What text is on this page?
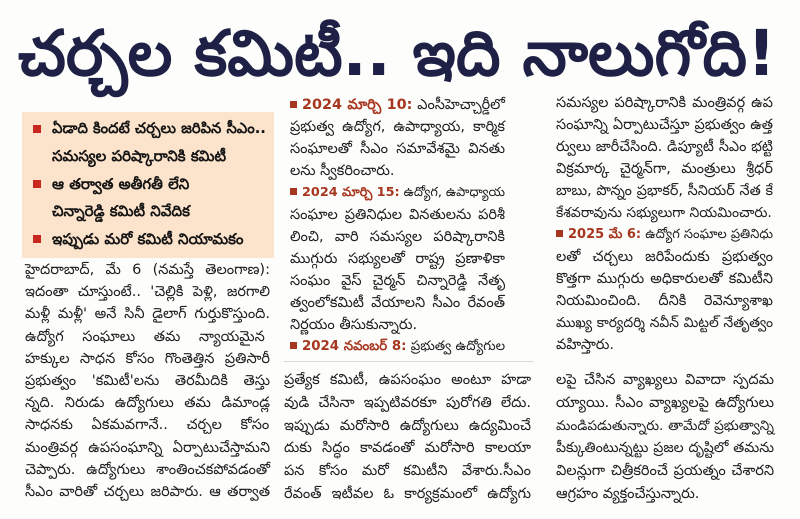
చర్చల కమిటీ.. ఇది నాలుగోది!
ఏడాది కిందటే చర్చలు జరిపిన సీఎం..
సమస్యల పరిష్కారానికి కమిటీ
ఆ తర్వాత అతీగతీ లేని
చిన్నారెడ్డి కమిటీ నివేదిక
ఇప్పుడు మరో కమిటీ నియామకం
హైదరాబాద్, మే 6 (నమస్తే తెలంగాణ):
ఇదంతా చూస్తుంటే.. 'చెల్లికి పెళ్లి, జరగాలి
మళ్లీ మళ్లీ' అనే సినీ డైలాగ్ గుర్తుకొస్తుంది.
ఉద్యోగ సంఘాలు తమ న్యాయమైన
హక్కుల సాధన కోసం గొంతెత్తిన ప్రతిసారీ
ప్రభుత్వం 'కమిటీ'లను తెరమీదికి తెస్తు
న్నది. నిరుడు ఉద్యోగులు తమ డిమాండ్ల
సాధనకు ఏకమవగానే.. చర్చల కోసం
మంత్రివర్గ ఉపసంఘాన్ని ఏర్పాటుచేస్తామని
చెప్పారు. ఉద్యోగులు శాంతించకపోవడంతో
సీఎం వారితో చర్చలు జరిపారు. ఆ తర్వాత
2024 మార్చి 10: ఎంసీహెచ్చార్డీలో
ప్రభుత్వ ఉద్యోగ, ఉపాధ్యాయ, కార్మిక
సంఘాలతో సీఎం సమావేశమై వినతు
లను స్వీకరించారు.
2024 మార్చి 15: ఉద్యోగ, ఉపాధ్యాయ
సంఘాల ప్రతినిధుల వినతులను పరిశీ
లించి, వారి సమస్యల పరిష్కారానికి
ముగ్గురు సభ్యులతో రాష్ట్ర ప్రణాళికా
సంఘం వైస్ చైర్మన్ చిన్నారెడ్డి నేతృ
త్వంలోకమిటీ వేయాలని సీఎం రేవంత్
నిర్ణయం తీసుకున్నారు.
2024 నవంబర్ 8: ప్రభుత్వ ఉద్యోగుల
సమస్యల పరిష్కారానికి మంత్రివర్గ ఉప
సంఘాన్ని ఏర్పాటుచేస్తూ ప్రభుత్వం ఉత్త
ర్వులు జారీచేసింది. డిప్యూటీ సీఎం భట్టి
విక్రమార్క చైర్మన్‌గా, మంత్రులు శ్రీధర్
బాబు, పొన్నం ప్రభాకర్, సీనియర్ నేత కే
కేశవరావును సభ్యులుగా నియమించారు.
2025 మే 6: ఉద్యోగ సంఘాల ప్రతినిధు
లతో చర్చలు జరిపేందుకు ప్రభుత్వం
కొత్తగా ముగ్గురు అధికారులతో కమిటీని
నియమించింది. దీనికి రెవెన్యూశాఖ
ముఖ్య కార్యదర్శి నవీన్ మిట్టల్ నేతృత్వం
వహిస్తారు.
ప్రత్యేక కమిటీ, ఉపసంఘం అంటూ హడా
వుడి చేసినా ఇప్పటివరకూ పురోగతి లేదు.
ఇప్పుడు మరోసారి ఉద్యోగులు ఉద్యమించే
దుకు సిద్ధం కావడంతో మరోసారి కాలయా
పన కోసం మరో కమిటీని వేశారు.సీఎం
రేవంత్ ఇటీవల ఓ కార్యక్రమంలో ఉద్యోగు
లపై చేసిన వ్యాఖ్యలు వివాదా స్పదమ
య్యాయి. సీఎం వ్యాఖ్యలపై ఉద్యోగులు
మండిపడుతున్నారు. తామేదో ప్రభుత్వాన్ని
పీక్కుతింటున్నట్టు ప్రజల దృష్టిలో తమను
విలన్లుగా చిత్రీకరించే ప్రయత్నం చేశారని
ఆగ్రహం వ్యక్తంచేస్తున్నారు.
